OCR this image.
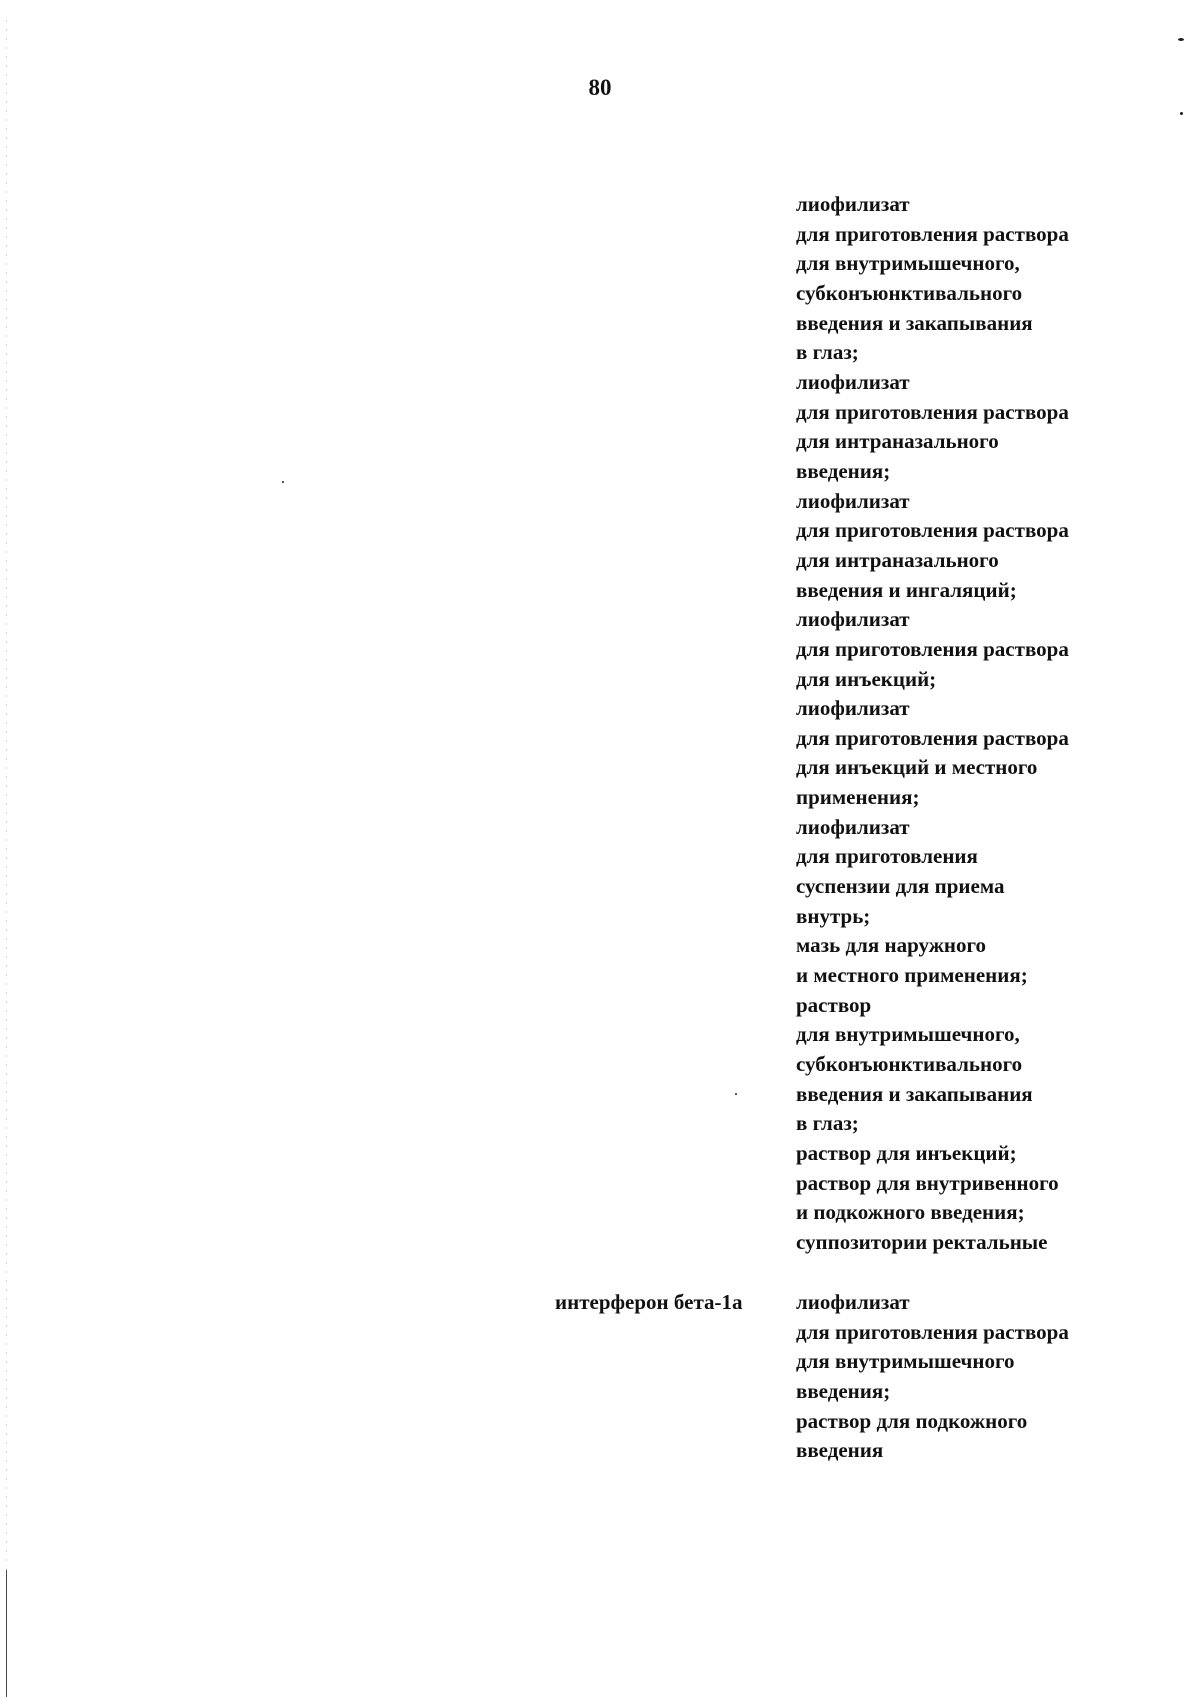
80
лиофилизат
для приготовления раствора
для внутримышечного,
субконъюнктивального
введения и закапывания
в глаз;
лиофилизат
для приготовления раствора
для интраназального
введения;
лиофилизат
для приготовления раствора
для интраназального
введения и ингаляций;
лиофилизат
для приготовления раствора
для инъекций;
лиофилизат
для приготовления раствора
для инъекций и местного
применения;
лиофилизат
для приготовления
суспензии для приема
внутрь;
мазь для наружного
и местного применения;
раствор
для внутримышечного,
субконъюнктивального
введения и закапывания
в глаз;
раствор для инъекций;
раствор для внутривенного
и подкожного введения;
суппозитории ректальные
интерферон бета-1а	лиофилизат
для приготовления раствора
для внутримышечного
введения;
раствор для подкожного
введения
